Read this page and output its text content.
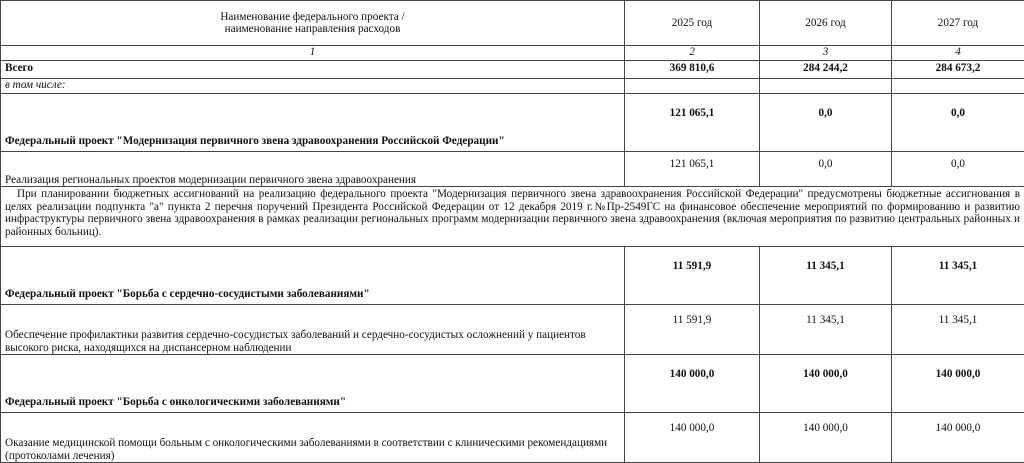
Наименование федерального проекта /
наименование направления расходов	2025 год	2026 год	2027 год
1	2	3	4
Всего	369 810,6	284 244,2	284 673,2
в том числе:			
Федеральный проект "Модернизация первичного звена здравоохранения Российской Федерации"	121 065,1	0,0	0,0
Реализация региональных проектов модернизации первичного звена здравоохранения	121 065,1	0,0	0,0
При планировании бюджетных ассигнований на реализацию федерального проекта "Модернизация первичного звена здравоохранения Российской Федерации" предусмотрены бюджетные ассигнования в целях реализации подпункта "а" пункта 2 перечня поручений Президента Российской Федерации от 12 декабря 2019 г.№Пр-2549ГС на финансовое обеспечение мероприятий по формированию и развитию инфраструктуры первичного звена здравоохранения в рамках реализации региональных программ модернизации первичного звена здравоохранения (включая мероприятия по развитию центральных районных и районных больниц).			
Федеральный проект "Борьба с сердечно-сосудистыми заболеваниями"	11 591,9	11 345,1	11 345,1
Обеспечение профилактики развития сердечно-сосудистых заболеваний и сердечно-сосудистых осложнений у пациентов высокого риска, находящихся на диспансерном наблюдении	11 591,9	11 345,1	11 345,1
Федеральный проект "Борьба с онкологическими заболеваниями"	140 000,0	140 000,0	140 000,0
Оказание медицинской помощи больным с онкологическими заболеваниями в соответствии с клиническими рекомендациями (протоколами лечения)	140 000,0	140 000,0	140 000,0
